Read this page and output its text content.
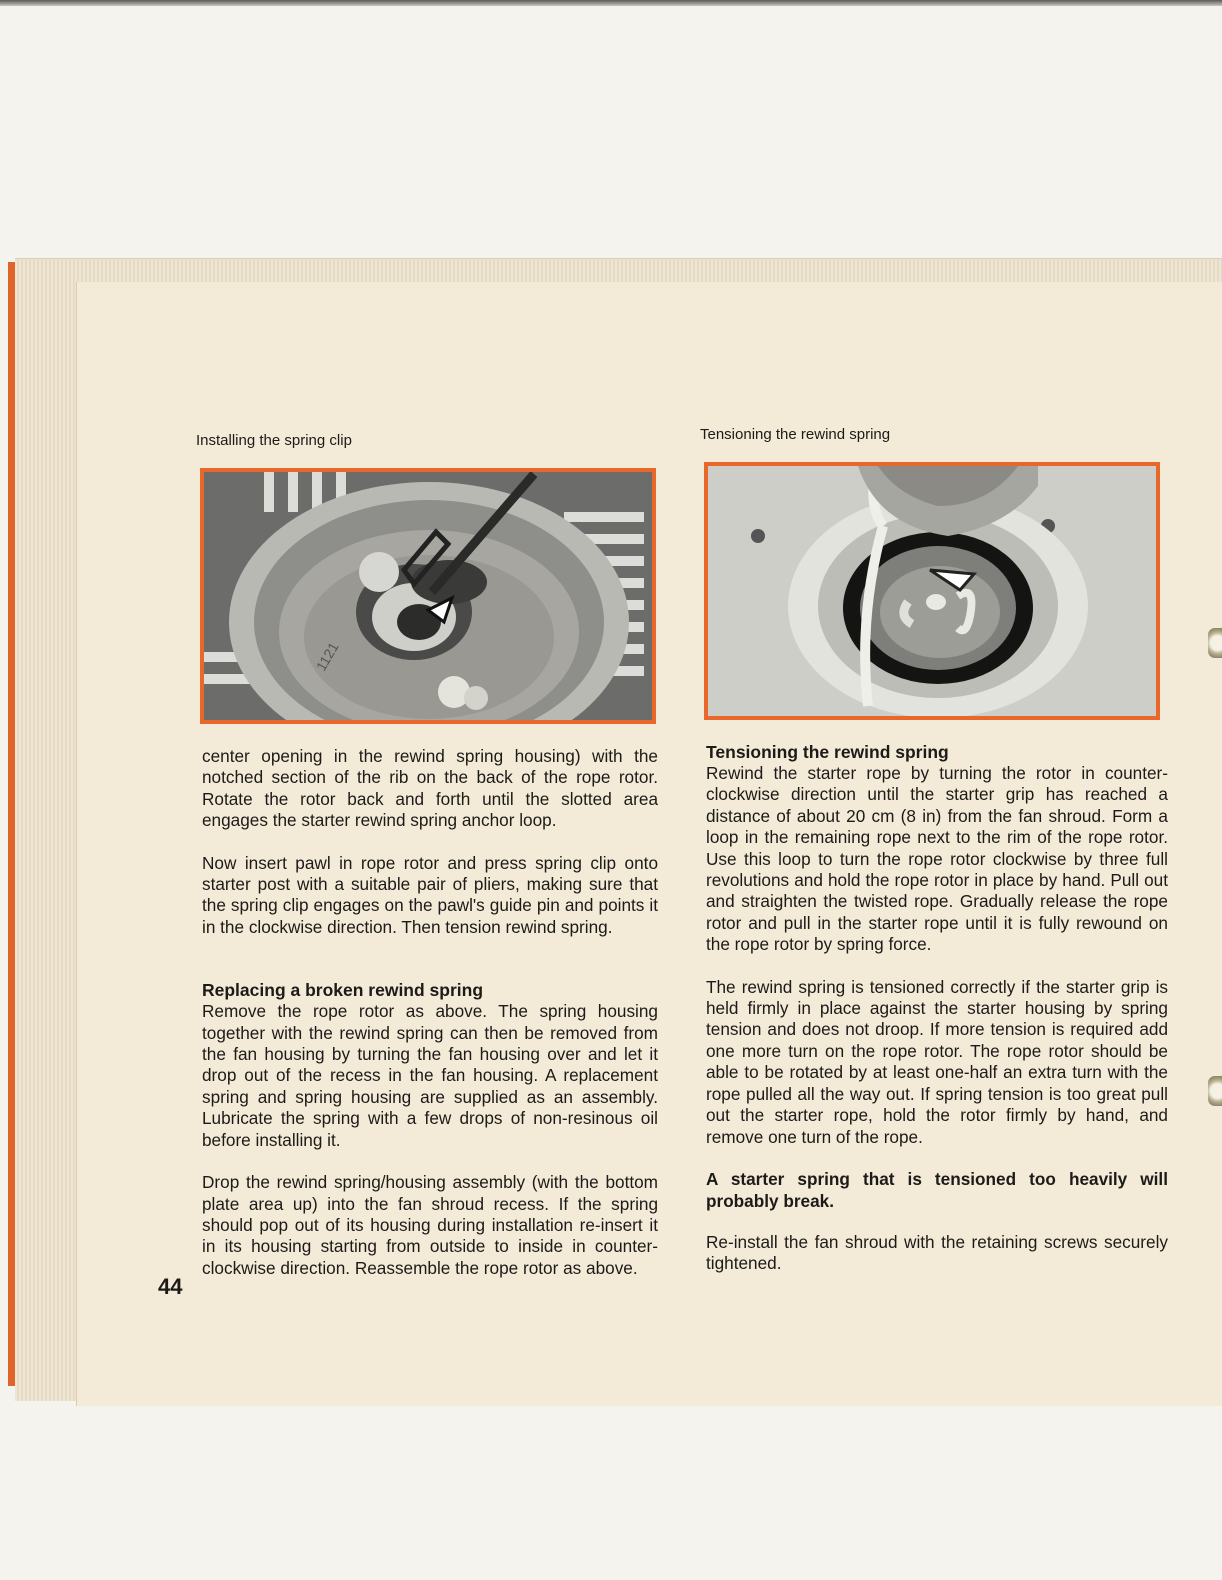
Installing the spring clip
1121

center opening in the rewind spring housing) with the notched section of the rib on the back of the rope rotor. Rotate the rotor back and forth until the slotted area engages the starter rewind spring anchor loop.

Now insert pawl in rope rotor and press spring clip onto starter post with a suitable pair of pliers, making sure that the spring clip engages on the pawl's guide pin and points it in the clockwise direction. Then tension rewind spring.

Replacing a broken rewind spring

Remove the rope rotor as above. The spring housing together with the rewind spring can then be removed from the fan housing by turning the fan housing over and let it drop out of the recess in the fan housing. A replacement spring and spring housing are supplied as an assembly. Lubricate the spring with a few drops of non-resinous oil before installing it.

Drop the rewind spring/housing assembly (with the bottom plate area up) into the fan shroud recess. If the spring should pop out of its housing during installation re-insert it in its housing starting from outside to inside in counter-clockwise direction. Reassemble the rope rotor as above.

44
Tensioning the rewind spring
Tensioning the rewind spring

Rewind the starter rope by turning the rotor in counter-clockwise direction until the starter grip has reached a distance of about 20 cm (8 in) from the fan shroud. Form a loop in the remaining rope next to the rim of the rope rotor. Use this loop to turn the rope rotor clockwise by three full revolutions and hold the rope rotor in place by hand. Pull out and straighten the twisted rope. Gradually release the rope rotor and pull in the starter rope until it is fully rewound on the rope rotor by spring force.

The rewind spring is tensioned correctly if the starter grip is held firmly in place against the starter housing by spring tension and does not droop. If more tension is required add one more turn on the rope rotor. The rope rotor should be able to be rotated by at least one-half an extra turn with the rope pulled all the way out. If spring tension is too great pull out the starter rope, hold the rotor firmly by hand, and remove one turn of the rope.

A starter spring that is tensioned too heavily will probably break.

Re-install the fan shroud with the retaining screws securely tightened.
